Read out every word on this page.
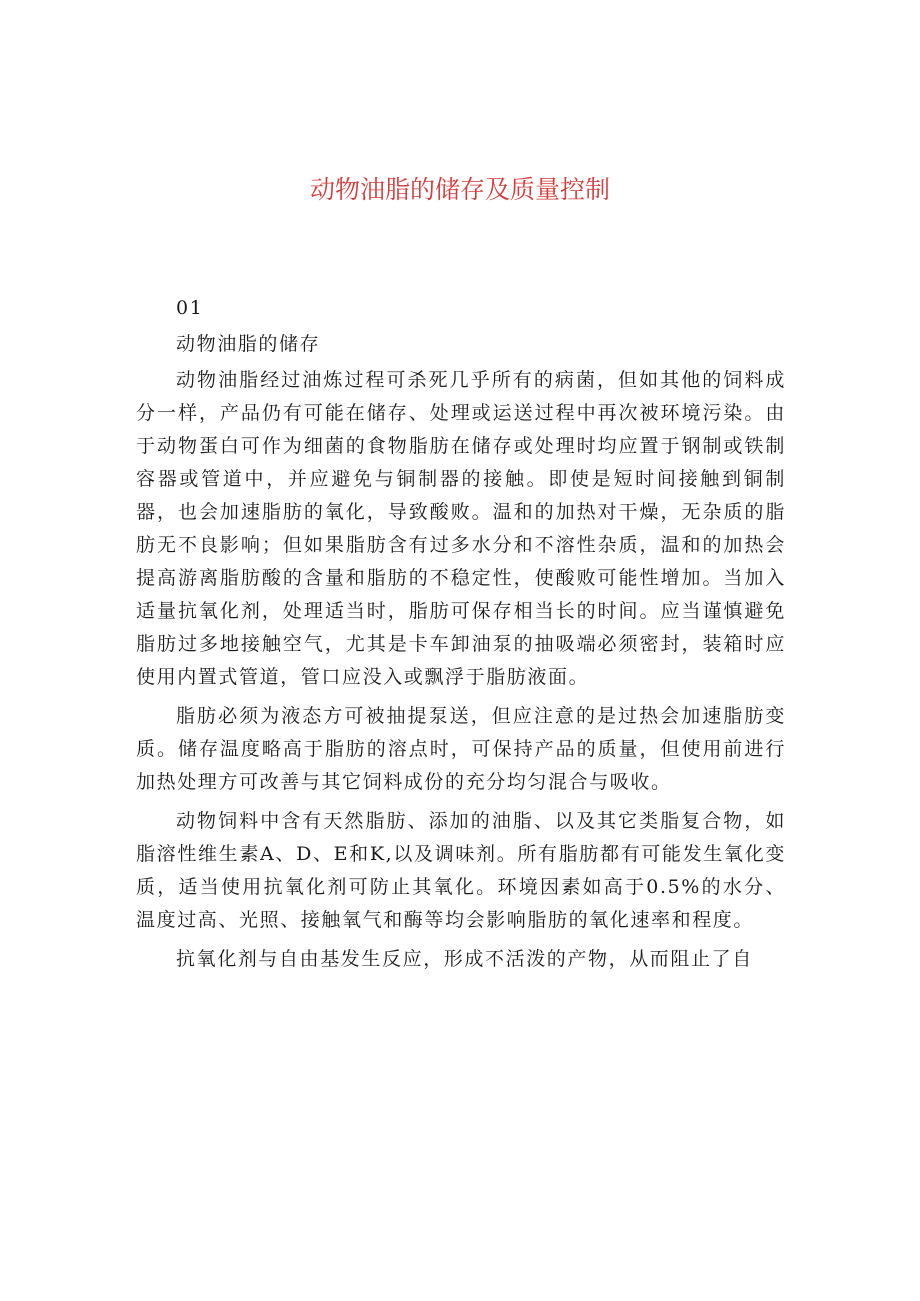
动物油脂的储存及质量控制

01

动物油脂的储存

动物油脂经过油炼过程可杀死几乎所有的病菌，但如其他的饲料成分一样，产品仍有可能在储存、处理或运送过程中再次被环境污染。由于动物蛋白可作为细菌的食物脂肪在储存或处理时均应置于钢制或铁制容器或管道中，并应避免与铜制器的接触。即使是短时间接触到铜制器，也会加速脂肪的氧化，导致酸败。温和的加热对干燥，无杂质的脂肪无不良影响；但如果脂肪含有过多水分和不溶性杂质，温和的加热会提高游离脂肪酸的含量和脂肪的不稳定性，使酸败可能性增加。当加入适量抗氧化剂，处理适当时，脂肪可保存相当长的时间。应当谨慎避免脂肪过多地接触空气，尤其是卡车卸油泵的抽吸端必须密封，装箱时应使用内置式管道，管口应没入或飘浮于脂肪液面。

脂肪必须为液态方可被抽提泵送，但应注意的是过热会加速脂肪变质。储存温度略高于脂肪的溶点时，可保持产品的质量，但使用前进行加热处理方可改善与其它饲料成份的充分均匀混合与吸收。

动物饲料中含有天然脂肪、添加的油脂、以及其它类脂复合物，如脂溶性维生素A、D、E和K,以及调味剂。所有脂肪都有可能发生氧化变质，适当使用抗氧化剂可防止其氧化。环境因素如高于0.5%的水分、温度过高、光照、接触氧气和酶等均会影响脂肪的氧化速率和程度。

抗氧化剂与自由基发生反应，形成不活泼的产物，从而阻止了自
